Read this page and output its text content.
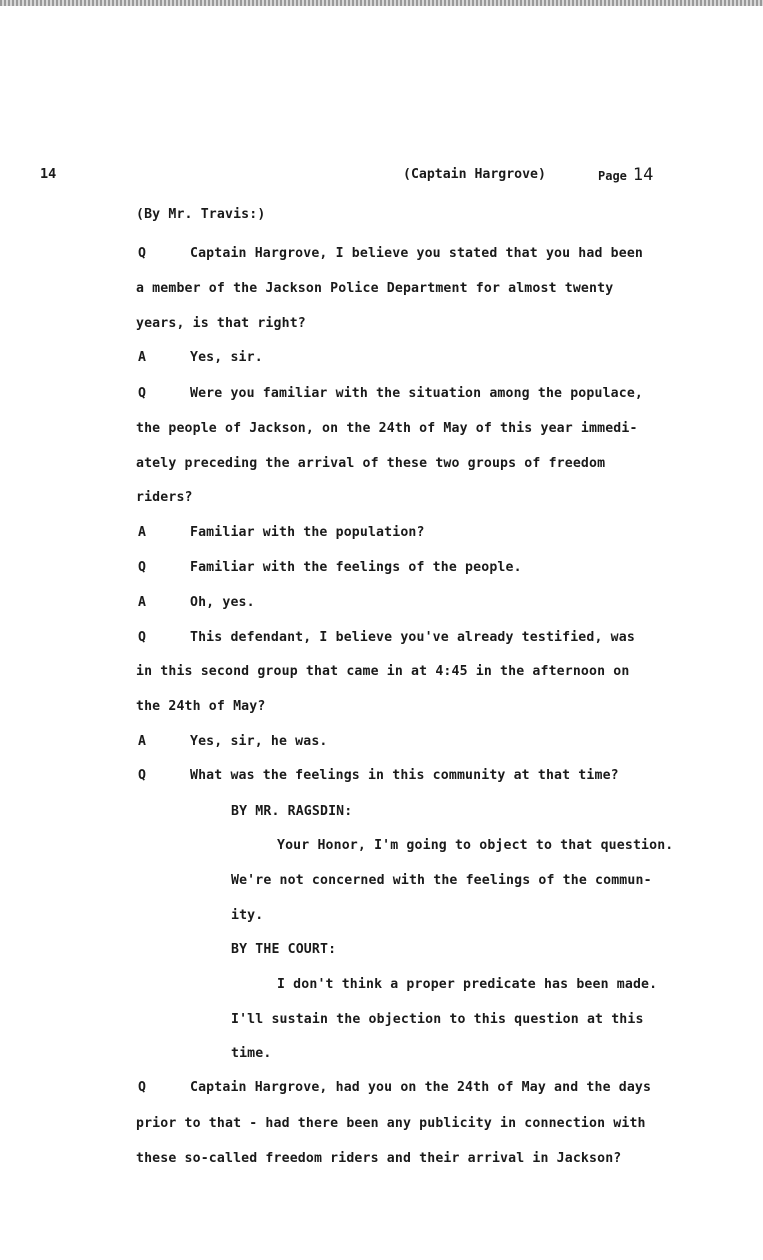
14	(Captain Hargrove)	Page 14
(By Mr. Travis:)
Q	Captain Hargrove, I believe you stated that you had been
a member of the Jackson Police Department for almost twenty
years, is that right?
A	Yes, sir.
Q	Were you familiar with the situation among the populace,
the people of Jackson, on the 24th of May of this year immedi-
ately preceding the arrival of these two groups of freedom
riders?
A	Familiar with the population?
Q	Familiar with the feelings of the people.
A	Oh, yes.
Q	This defendant, I believe you've already testified, was
in this second group that came in at 4:45 in the afternoon on
the 24th of May?
A	Yes, sir, he was.
Q	What was the feelings in this community at that time?
BY MR. RAGSDIN:
Your Honor, I'm going to object to that question.
We're not concerned with the feelings of the commun-
ity.
BY THE COURT:
I don't think a proper predicate has been made.
I'll sustain the objection to this question at this
time.
Q	Captain Hargrove, had you on the 24th of May and the days
prior to that - had there been any publicity in connection with
these so-called freedom riders and their arrival in Jackson?
